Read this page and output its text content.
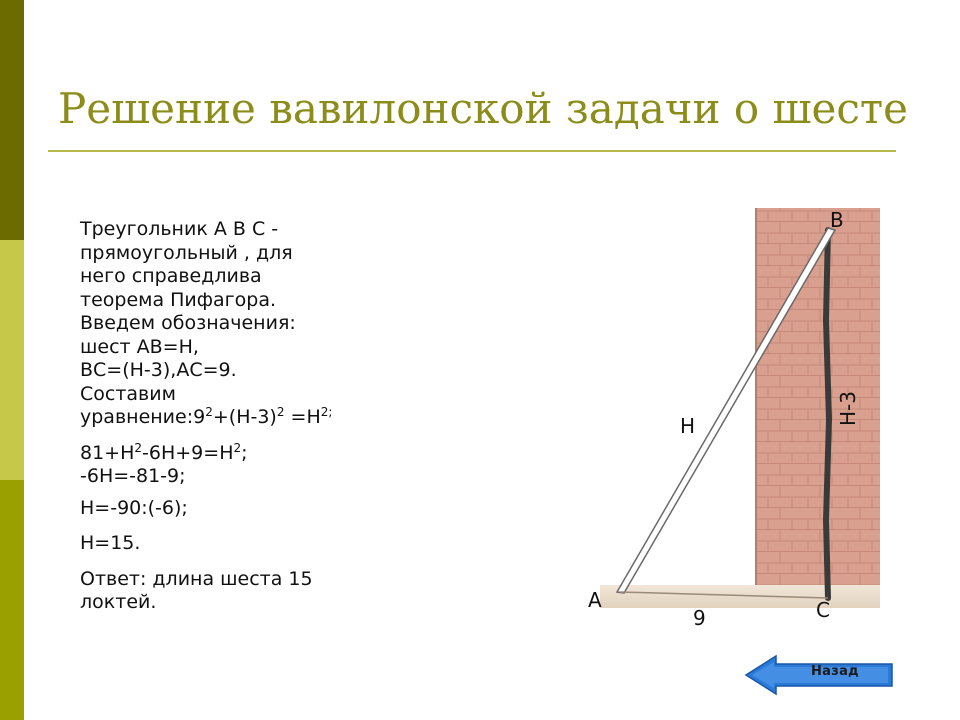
Решение вавилонской задачи о шесте

Треугольник А В С -
прямоугольный , для
него справедлива
теорема Пифагора.
Введем обозначения:
шест АВ=Н,
ВС=(Н-3),АС=9.
Составим
$уравнение:9^2+(Н-3)^2 =Н^{2;}$

$81+Н^2-6Н+9=Н^2$;
-6Н=-81-9;

Н=-90:(-6);

Н=15.

Ответ: длина шеста 15
локтей.

В
Н	Н-3
А
9	С
Назад
